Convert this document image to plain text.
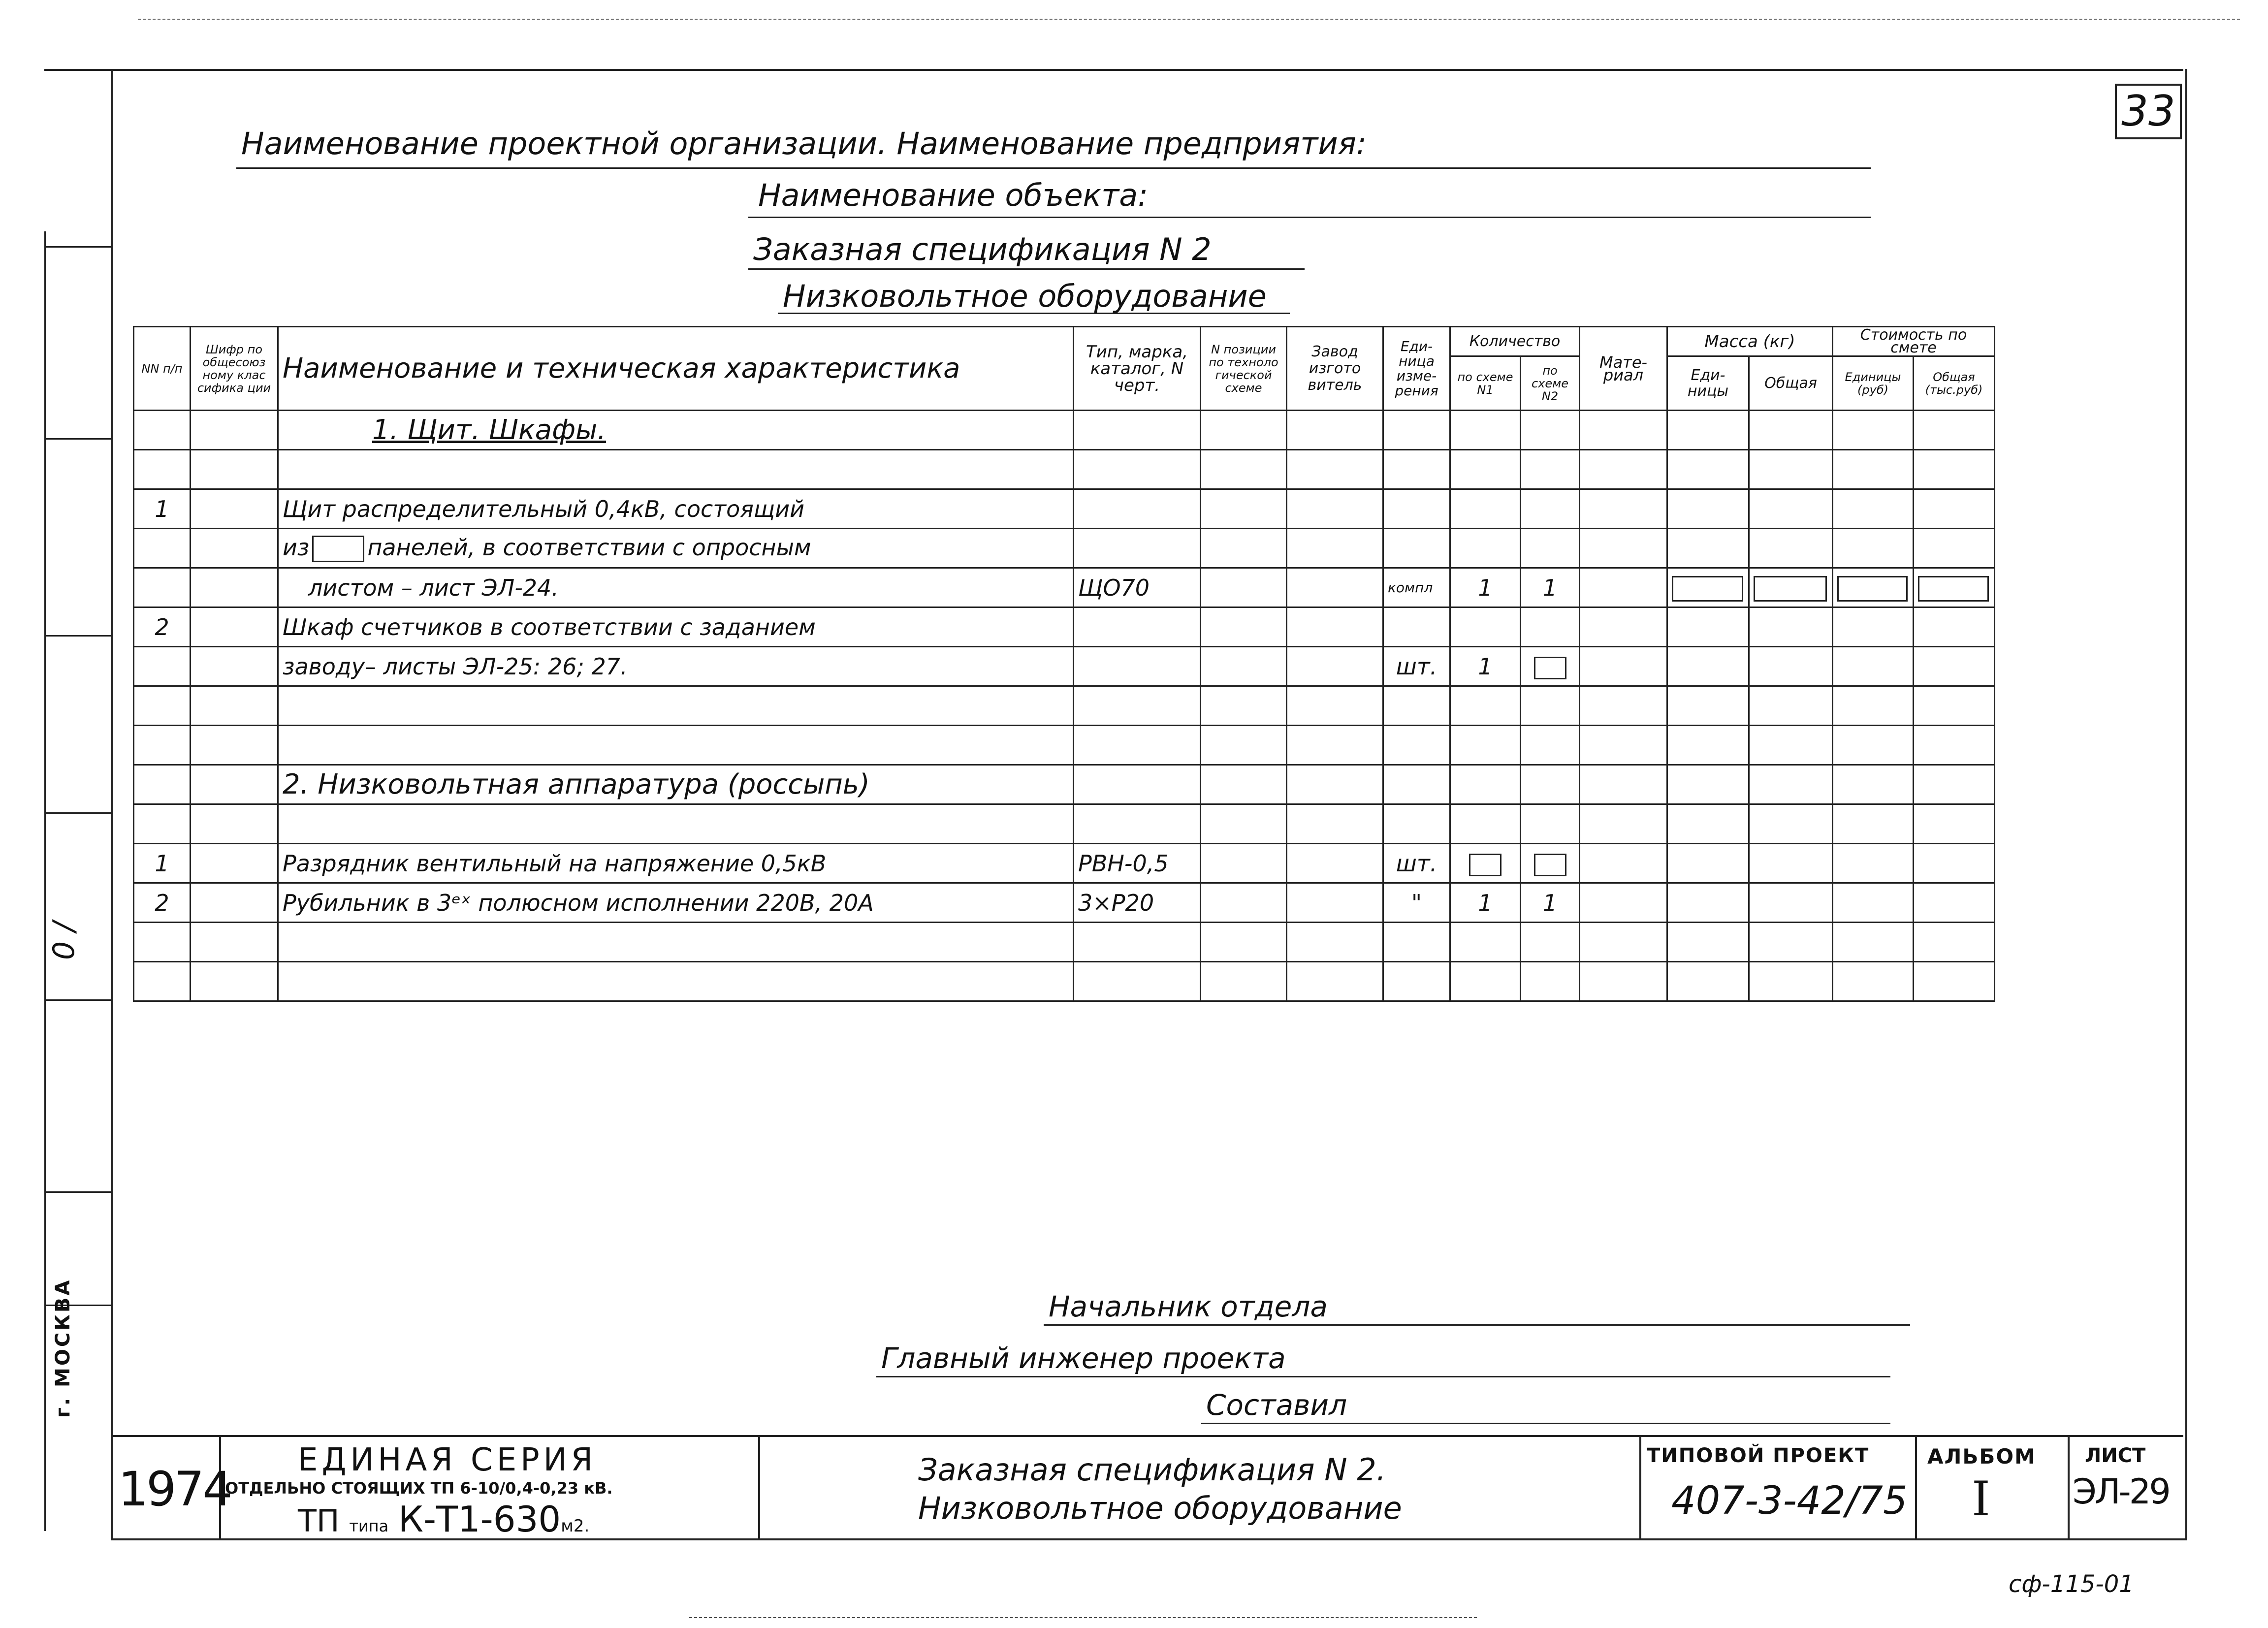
33
0 /
г. МОСКВА
Наименование проектной организации. Наименование предприятия:
Наименование объекта:
Заказная спецификация N 2
Низковольтное оборудование
NN п/п	Шифр по общесоюз ному клас сифика ции	Наименование и техническая характеристика	Тип, марка, каталог, N черт.	N позиции по техноло гической схеме	Завод изгото витель	Еди- ница изме- рения	Количество		Мате- риал	Масса (кг)		Стоимость по смете	
							по схеме N1	по схеме N2		Еди- ницы	Общая	Единицы (руб)	Общая (тыс.руб)
		1. Щит. Шкафы.											

1		Щит распределительный 0,4кВ, состоящий											
		из панелей, в соответствии с опросным											
		листом – лист ЭЛ-24.	ЩО70			компл	1	1					
2		Шкаф счетчиков в соответствии с заданием											
		заводу– листы ЭЛ-25: 26; 27.				шт.	1						

		2. Низковольтная аппаратура (россыпь)											

1		Разрядник вентильный на напряжение 0,5кВ	РВН-0,5			шт.							
2		Рубильник в 3ᵉˣ полюсном исполнении 220В, 20А	3×Р20			"	1	1					

Начальник отдела
Главный инженер проекта
Составил
1974
ЕДИНАЯ СЕРИЯ
ОТДЕЛЬНО СТОЯЩИХ ТП 6-10/0,4-0,23 кВ.
ТП типа К-Т1-630м2.
Заказная спецификация N 2.
Низковольтное оборудование
ТИПОВОЙ ПРОЕКТ
407-3-42/75
АЛЬБОМ
I
ЛИСТ
ЭЛ-29
сф-115-01
